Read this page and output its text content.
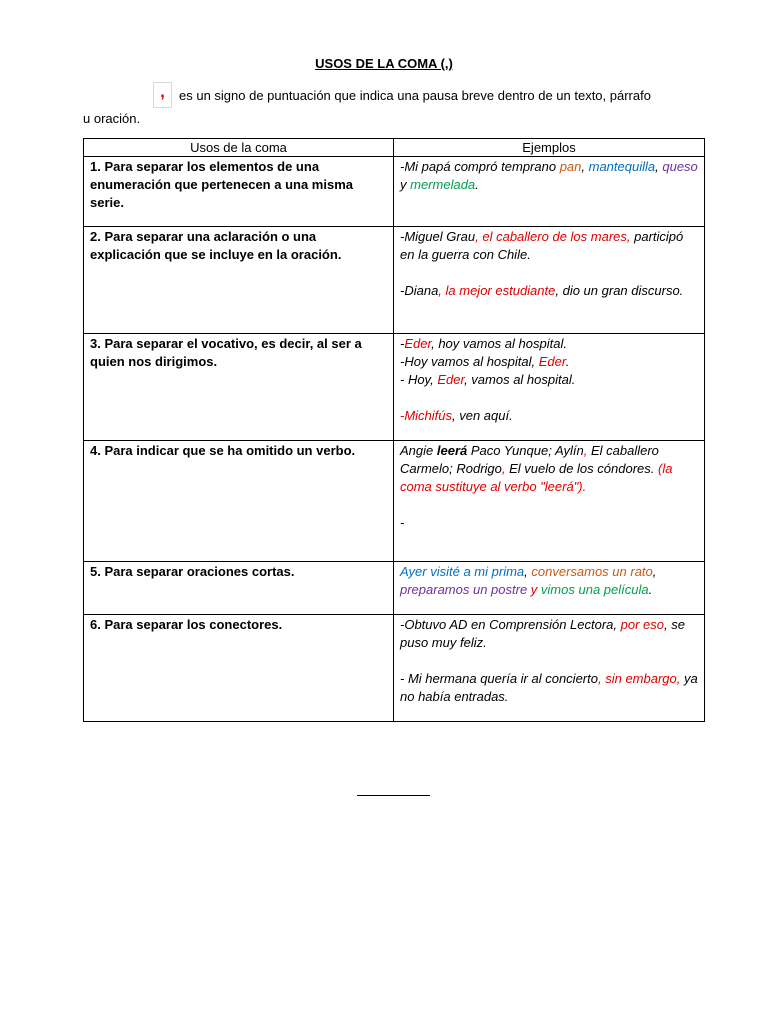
USOS DE LA COMA (,)
,	es un signo de puntuación que indica una pausa breve dentro de un texto, párrafo
u oración.
Usos de la coma	Ejemplos
1. Para separar los elementos de una enumeración que pertenecen a una misma serie.	-Mi papá compró temprano pan, mantequilla, queso y mermelada.

2. Para separar una aclaración o una explicación que se incluye en la oración.	-Miguel Grau, el caballero de los mares, participó en la guerra con Chile.
-Diana, la mejor estudiante, dio un gran discurso.

3. Para separar el vocativo, es decir, al ser a quien nos dirigimos.	-Eder, hoy vamos al hospital.
-Hoy vamos al hospital, Eder.
- Hoy, Eder, vamos al hospital.
-Michifús, ven aquí.

4. Para indicar que se ha omitido un verbo.	Angie leerá Paco Yunque; Aylín, El caballero Carmelo; Rodrigo, El vuelo de los cóndores. (la coma sustituye al verbo "leerá").
-

5. Para separar oraciones cortas.	Ayer visité a mi prima, conversamos un rato, preparamos un postre y vimos una película.

6. Para separar los conectores.	-Obtuvo AD en Comprensión Lectora, por eso, se puso muy feliz.
- Mi hermana quería ir al concierto, sin embargo, ya no había entradas.
